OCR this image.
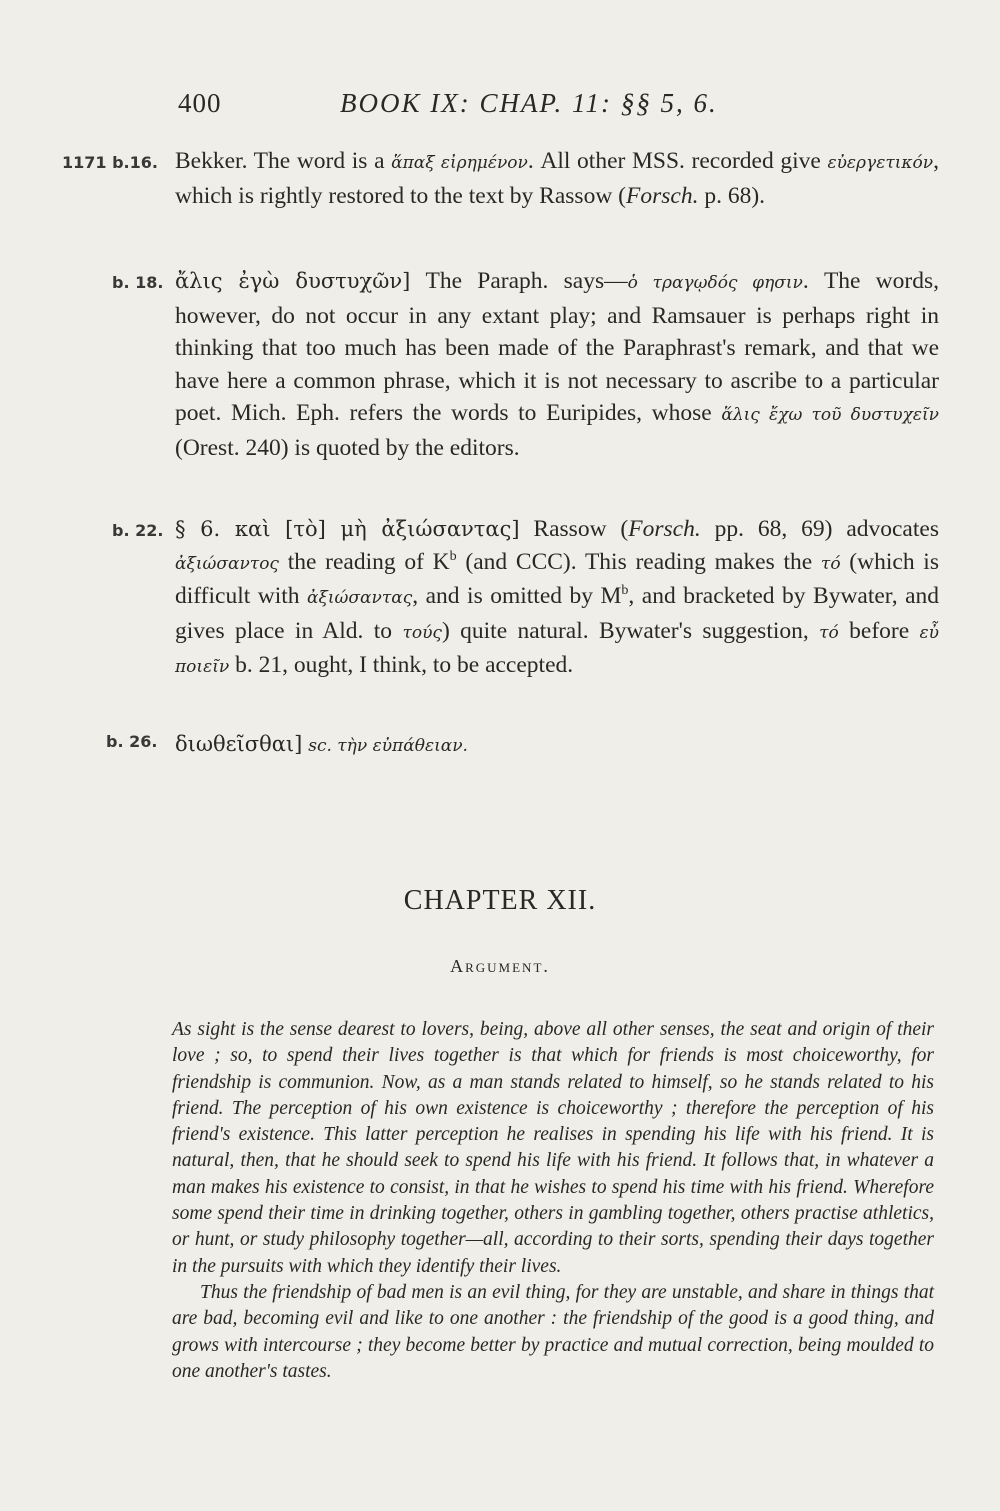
400	BOOK IX: CHAP. 11: §§ 5, 6.
1171 b.16. Bekker. The word is a ἅπαξ εἰρημένον. All other MSS. recorded give εὐεργετικόν, which is rightly restored to the text by Rassow (Forsch. p. 68).
b. 18. ἄλις ἐγὼ δυστυχῶν] The Paraph. says—ὁ τραγῳδός φησιν. The words, however, do not occur in any extant play; and Ramsauer is perhaps right in thinking that too much has been made of the Paraphrast's remark, and that we have here a common phrase, which it is not necessary to ascribe to a particular poet. Mich. Eph. refers the words to Euripides, whose ἅλις ἔχω τοῦ δυστυχεῖν (Orest. 240) is quoted by the editors.
b. 22. § 6. καὶ [τὸ] μὴ ἀξιώσαντας] Rassow (Forsch. pp. 68, 69) advocates ἀξιώσαντος the reading of $K^b$ (and CCC). This reading makes the τό (which is difficult with ἀξιώσαντας, and is omitted by $M^b$, and bracketed by Bywater, and gives place in Ald. to τούς) quite natural. Bywater's suggestion, τό before εὖ ποιεῖν b. 21, ought, I think, to be accepted.
b. 26. διωθεῖσθαι] sc. τὴν εὐπάθειαν.
CHAPTER XII.
Argument.

As sight is the sense dearest to lovers, being, above all other senses, the seat and origin of their love ; so, to spend their lives together is that which for friends is most choiceworthy, for friendship is communion. Now, as a man stands related to himself, so he stands related to his friend. The perception of his own existence is choiceworthy ; therefore the perception of his friend's existence. This latter perception he realises in spending his life with his friend. It is natural, then, that he should seek to spend his life with his friend. It follows that, in whatever a man makes his existence to consist, in that he wishes to spend his time with his friend. Wherefore some spend their time in drinking together, others in gambling together, others practise athletics, or hunt, or study philosophy together—all, according to their sorts, spending their days together in the pursuits with which they identify their lives.

Thus the friendship of bad men is an evil thing, for they are unstable, and share in things that are bad, becoming evil and like to one another : the friendship of the good is a good thing, and grows with intercourse ; they become better by practice and mutual correction, being moulded to one another's tastes.
